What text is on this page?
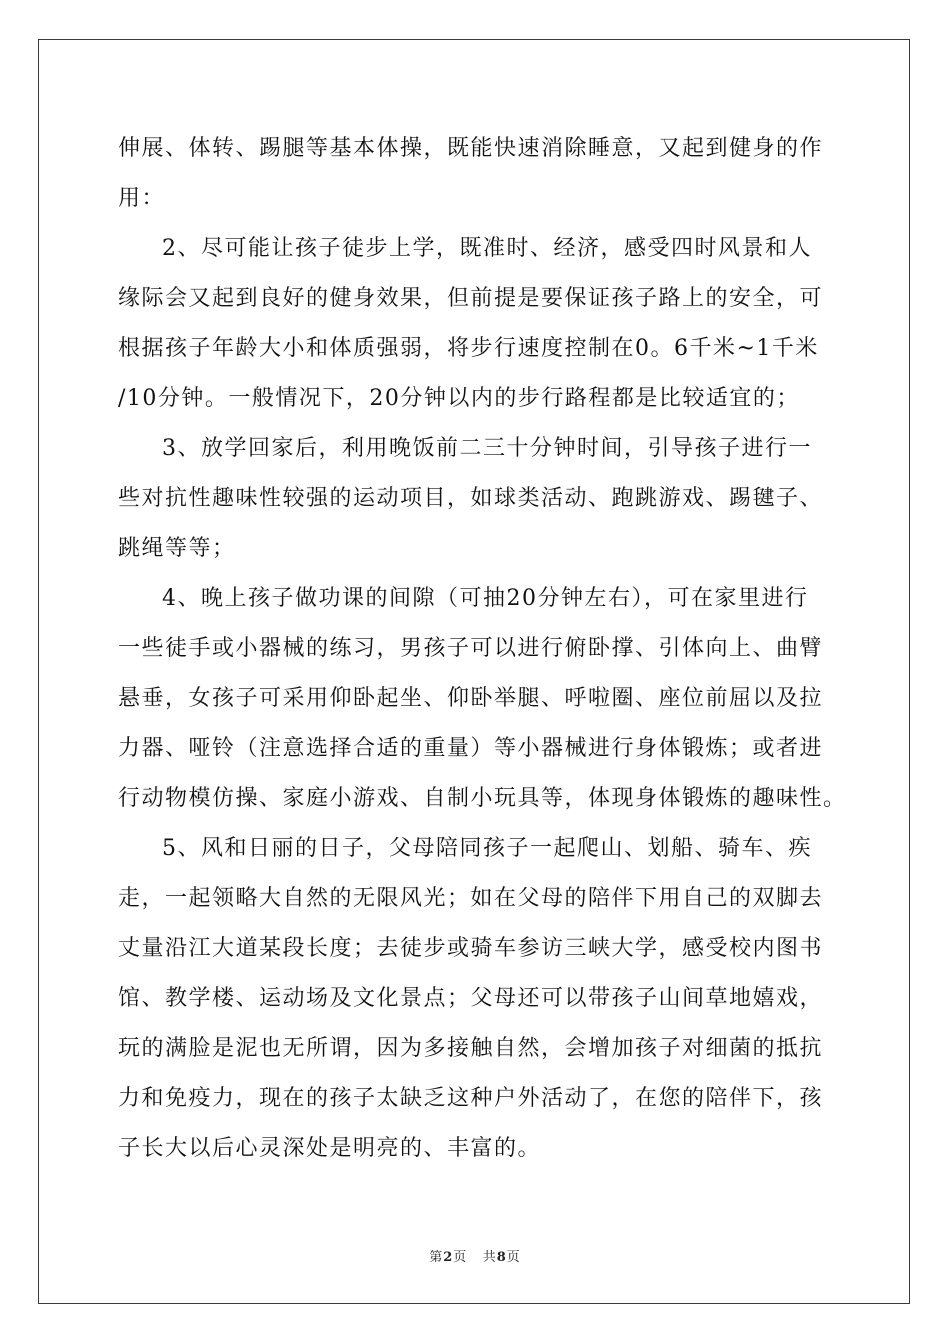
伸展、体转、踢腿等基本体操，既能快速消除睡意，又起到健身的作
用：
2、尽可能让孩子徒步上学，既准时、经济，感受四时风景和人
缘际会又起到良好的健身效果，但前提是要保证孩子路上的安全，可
根据孩子年龄大小和体质强弱，将步行速度控制在0。6千米~1千米
/10分钟。一般情况下，20分钟以内的步行路程都是比较适宜的；
3、放学回家后，利用晚饭前二三十分钟时间，引导孩子进行一
些对抗性趣味性较强的运动项目，如球类活动、跑跳游戏、踢毽子、
跳绳等等；
4、晚上孩子做功课的间隙（可抽20分钟左右），可在家里进行
一些徒手或小器械的练习，男孩子可以进行俯卧撑、引体向上、曲臂
悬垂，女孩子可采用仰卧起坐、仰卧举腿、呼啦圈、座位前屈以及拉
力器、哑铃（注意选择合适的重量）等小器械进行身体锻炼；或者进
行动物模仿操、家庭小游戏、自制小玩具等，体现身体锻炼的趣味性。
5、风和日丽的日子，父母陪同孩子一起爬山、划船、骑车、疾
走，一起领略大自然的无限风光；如在父母的陪伴下用自己的双脚去
丈量沿江大道某段长度；去徒步或骑车参访三峡大学，感受校内图书
馆、教学楼、运动场及文化景点；父母还可以带孩子山间草地嬉戏，
玩的满脸是泥也无所谓，因为多接触自然，会增加孩子对细菌的抵抗
力和免疫力，现在的孩子太缺乏这种户外活动了，在您的陪伴下，孩
子长大以后心灵深处是明亮的、丰富的。
第2页 共8页
